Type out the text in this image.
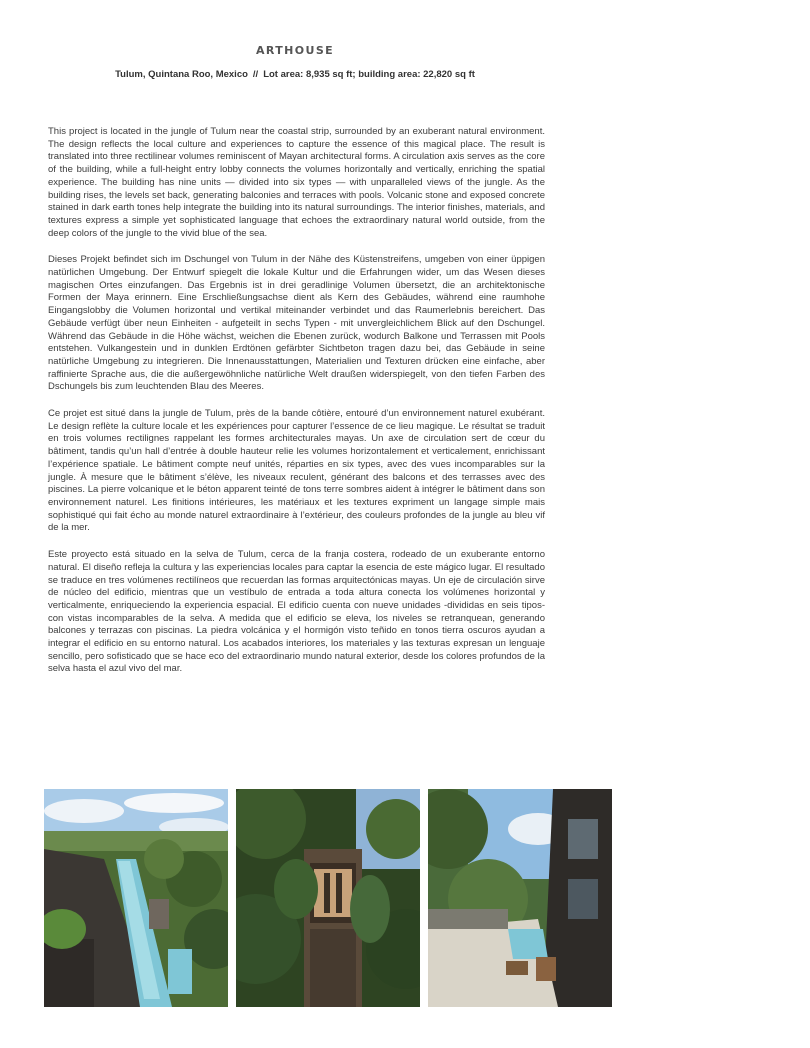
ARTHOUSE
Tulum, Quintana Roo, Mexico // Lot area: 8,935 sq ft; building area: 22,820 sq ft

This project is located in the jungle of Tulum near the coastal strip, surrounded by an exuberant natural environment. The design reflects the local culture and experiences to capture the essence of this magical place. The result is translated into three rectilinear volumes reminiscent of Mayan architectural forms. A circulation axis serves as the core of the building, while a full-height entry lobby connects the volumes horizontally and vertically, enriching the spatial experience. The building has nine units — divided into six types — with unparalleled views of the jungle. As the building rises, the levels set back, generating balconies and terraces with pools. Volcanic stone and exposed concrete stained in dark earth tones help integrate the building into its natural surroundings. The interior finishes, materials, and textures express a simple yet sophisticated language that echoes the extraordinary natural world outside, from the deep colors of the jungle to the vivid blue of the sea.

Dieses Projekt befindet sich im Dschungel von Tulum in der Nähe des Küstenstreifens, umgeben von einer üppigen natürlichen Umgebung. Der Entwurf spiegelt die lokale Kultur und die Erfahrungen wider, um das Wesen dieses magischen Ortes einzufangen. Das Ergebnis ist in drei geradlinige Volumen übersetzt, die an architektonische Formen der Maya erinnern. Eine Erschließungsachse dient als Kern des Gebäudes, während eine raumhohe Eingangslobby die Volumen horizontal und vertikal miteinander verbindet und das Raumerlebnis bereichert. Das Gebäude verfügt über neun Einheiten - aufgeteilt in sechs Typen - mit unvergleichlichem Blick auf den Dschungel. Während das Gebäude in die Höhe wächst, weichen die Ebenen zurück, wodurch Balkone und Terrassen mit Pools entstehen. Vulkangestein und in dunklen Erdtönen gefärbter Sichtbeton tragen dazu bei, das Gebäude in seine natürliche Umgebung zu integrieren. Die Innenausstattungen, Materialien und Texturen drücken eine einfache, aber raffinierte Sprache aus, die die außergewöhnliche natürliche Welt draußen widerspiegelt, von den tiefen Farben des Dschungels bis zum leuchtenden Blau des Meeres.

Ce projet est situé dans la jungle de Tulum, près de la bande côtière, entouré d’un environnement naturel exubérant. Le design reflète la culture locale et les expériences pour capturer l’essence de ce lieu magique. Le résultat se traduit en trois volumes rectilignes rappelant les formes architecturales mayas. Un axe de circulation sert de cœur du bâtiment, tandis qu’un hall d’entrée à double hauteur relie les volumes horizontalement et verticalement, enrichissant l’expérience spatiale. Le bâtiment compte neuf unités, réparties en six types, avec des vues incomparables sur la jungle. À mesure que le bâtiment s’élève, les niveaux reculent, générant des balcons et des terrasses avec des piscines. La pierre volcanique et le béton apparent teinté de tons terre sombres aident à intégrer le bâtiment dans son environnement naturel. Les finitions intérieures, les matériaux et les textures expriment un langage simple mais sophistiqué qui fait écho au monde naturel extraordinaire à l’extérieur, des couleurs profondes de la jungle au bleu vif de la mer.

Este proyecto está situado en la selva de Tulum, cerca de la franja costera, rodeado de un exuberante entorno natural. El diseño refleja la cultura y las experiencias locales para captar la esencia de este mágico lugar. El resultado se traduce en tres volúmenes rectilíneos que recuerdan las formas arquitectónicas mayas. Un eje de circulación sirve de núcleo del edificio, mientras que un vestíbulo de entrada a toda altura conecta los volúmenes horizontal y verticalmente, enriqueciendo la experiencia espacial. El edificio cuenta con nueve unidades -divididas en seis tipos- con vistas incomparables de la selva. A medida que el edificio se eleva, los niveles se retranquean, generando balcones y terrazas con piscinas. La piedra volcánica y el hormigón visto teñido en tonos tierra oscuros ayudan a integrar el edificio en su entorno natural. Los acabados interiores, los materiales y las texturas expresan un lenguaje sencillo, pero sofisticado que se hace eco del extraordinario mundo natural exterior, desde los colores profundos de la selva hasta el azul vivo del mar.
